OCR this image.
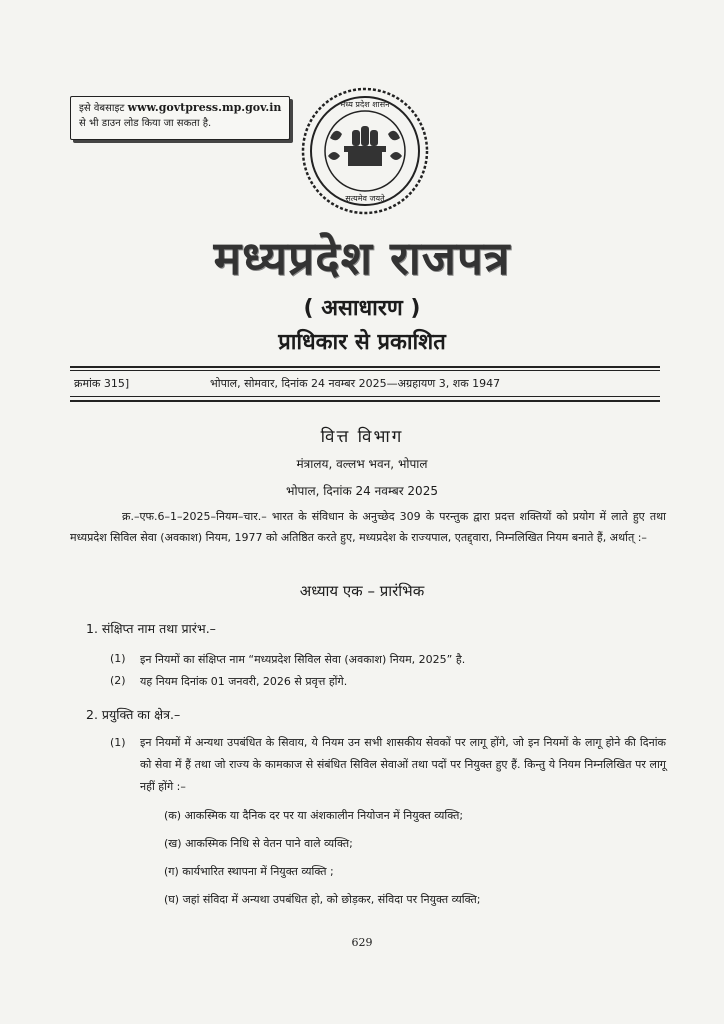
इसे वेबसाइट www.govtpress.mp.gov.in
से भी डाउन लोड किया जा सकता है.
मध्य प्रदेश शासन
सत्यमेव जयते
मध्यप्रदेश राजपत्र
( असाधारण )
प्राधिकार से प्रकाशित
क्रमांक 315]	भोपाल, सोमवार, दिनांक 24 नवम्बर 2025—अग्रहायण 3, शक 1947
वित्त विभाग
मंत्रालय, वल्लभ भवन, भोपाल
भोपाल, दिनांक 24 नवम्बर 2025
क्र.–एफ.6–1–2025–नियम–चार.– भारत के संविधान के अनुच्छेद 309 के परन्तुक द्वारा प्रदत्त शक्तियों को प्रयोग में लाते हुए तथा मध्यप्रदेश सिविल सेवा (अवकाश) नियम, 1977 को अतिष्ठित करते हुए, मध्यप्रदेश के राज्यपाल, एतद्द्वारा, निम्नलिखित नियम बनाते हैं, अर्थात् :–
अध्याय एक – प्रारंभिक
1. संक्षिप्त नाम तथा प्रारंभ.–
(1) इन नियमों का संक्षिप्त नाम “मध्यप्रदेश सिविल सेवा (अवकाश) नियम, 2025” है.
(2) यह नियम दिनांक 01 जनवरी, 2026 से प्रवृत्त होंगे.
2. प्रयुक्ति का क्षेत्र.–
(1) इन नियमों में अन्यथा उपबंधित के सिवाय, ये नियम उन सभी शासकीय सेवकों पर लागू होंगे, जो इन नियमों के लागू होने की दिनांक को सेवा में हैं तथा जो राज्य के कामकाज से संबंधित सिविल सेवाओं तथा पदों पर नियुक्त हुए हैं. किन्तु ये नियम निम्नलिखित पर लागू नहीं होंगे :–
(क) आकस्मिक या दैनिक दर पर या अंशकालीन नियोजन में नियुक्त व्यक्ति;
(ख) आकस्मिक निधि से वेतन पाने वाले व्यक्ति;
(ग) कार्यभारित स्थापना में नियुक्त व्यक्ति ;
(घ) जहां संविदा में अन्यथा उपबंधित हो, को छोड़कर, संविदा पर नियुक्त व्यक्ति;
629
